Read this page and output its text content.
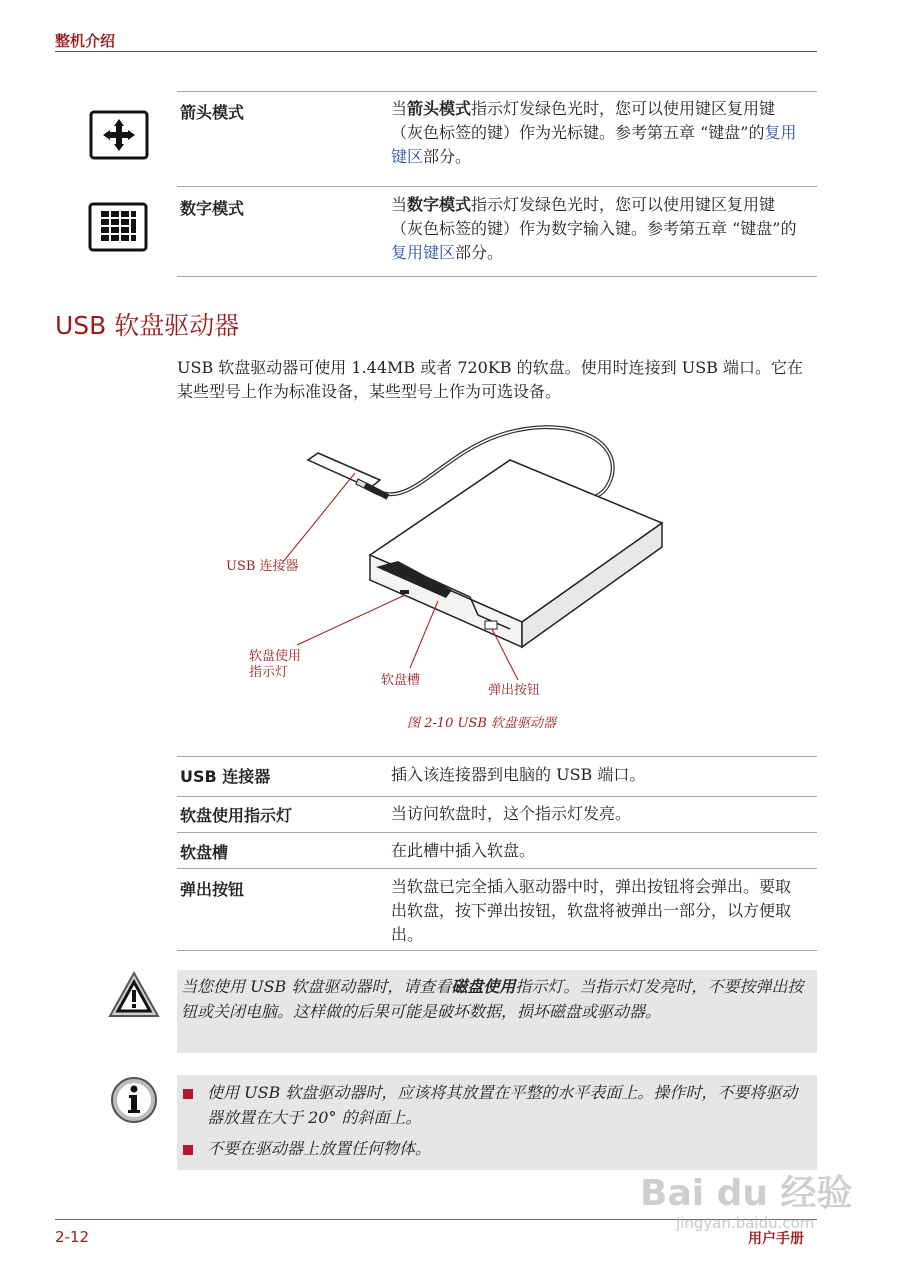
整机介绍
箭头模式	当箭头模式指示灯发绿色光时，您可以使用键区复用键 （灰色标签的键）作为光标键。参考第五章 “键盘”的复用键区部分。
数字模式	当数字模式指示灯发绿色光时，您可以使用键区复用键 （灰色标签的键）作为数字输入键。参考第五章 “键盘”的复用键区部分。
USB 软盘驱动器
USB 软盘驱动器可使用 1.44MB 或者 720KB 的软盘。使用时连接到 USB 端口。它在某些型号上作为标准设备，某些型号上作为可选设备。
USB 连接器
软盘使用
指示灯
软盘槽
弹出按钮
图 2-10 USB 软盘驱动器
USB 连接器	插入该连接器到电脑的 USB 端口。
软盘使用指示灯	当访问软盘时，这个指示灯发亮。
软盘槽	在此槽中插入软盘。
弹出按钮	当软盘已完全插入驱动器中时，弹出按钮将会弹出。要取出软盘，按下弹出按钮，软盘将被弹出一部分，以方便取出。
当您使用 USB 软盘驱动器时，请查看磁盘使用指示灯。当指示灯发亮时，不要按弹出按钮或关闭电脑。这样做的后果可能是破坏数据，损坏磁盘或驱动器。
使用 USB 软盘驱动器时，应该将其放置在平整的水平表面上。操作时，不要将驱动器放置在大于 20° 的斜面上。
不要在驱动器上放置任何物体。
2-12	用户手册
Bai du 经验
jingyan.baidu.com
